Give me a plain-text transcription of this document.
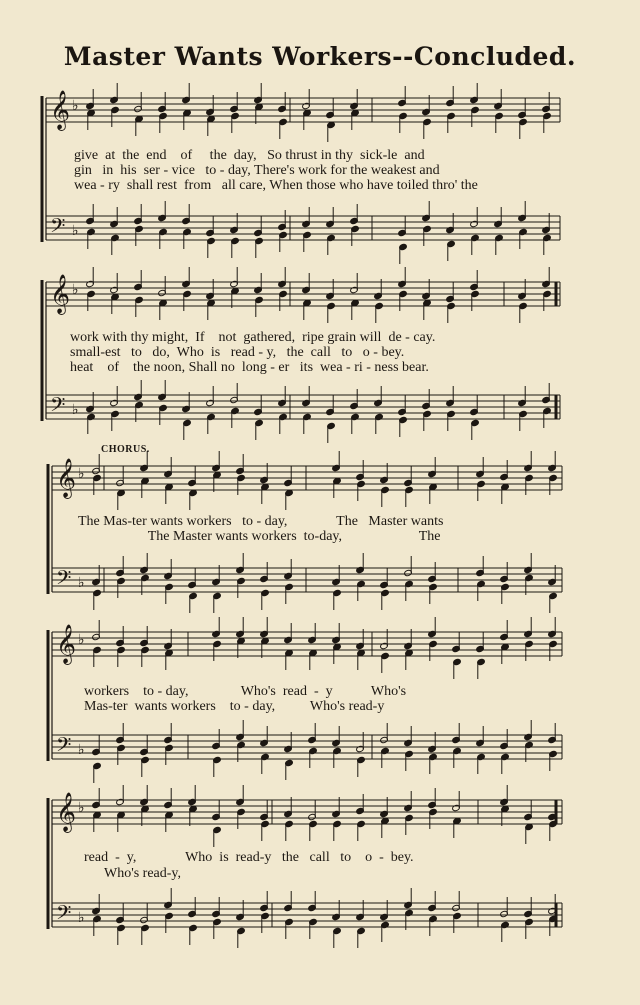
Master Wants Workers--Concluded.
𝄞
𝄢
♭
♭
𝄞
𝄢
♭
♭
𝄞
𝄢
♭
♭
𝄞
𝄢
♭
♭
𝄞
𝄢
♭
♭
give  at  the  end    of     the  day,   So thrust in thy  sick-le  and
gin   in  his  ser - vice   to - day, There's work for the weakest and
wea - ry  shall rest  from   all care, When those who have toiled thro' the
work with thy might,  If    not  gathered,  ripe grain will  de - cay.
small-est   to   do,  Who  is   read - y,   the  call   to   o - bey.
heat    of    the noon, Shall no  long - er   its  wea - ri - ness bear.
CHORUS.
The Mas-ter wants workers   to - day,              The   Master wants
The Master wants workers  to-day,                      The
workers    to - day,               Who's  read  -  y           Who's
Mas-ter  wants workers    to - day,          Who's read-y
read  -  y,              Who  is  read-y   the   call   to    o  -  bey.
Who's read-y,
